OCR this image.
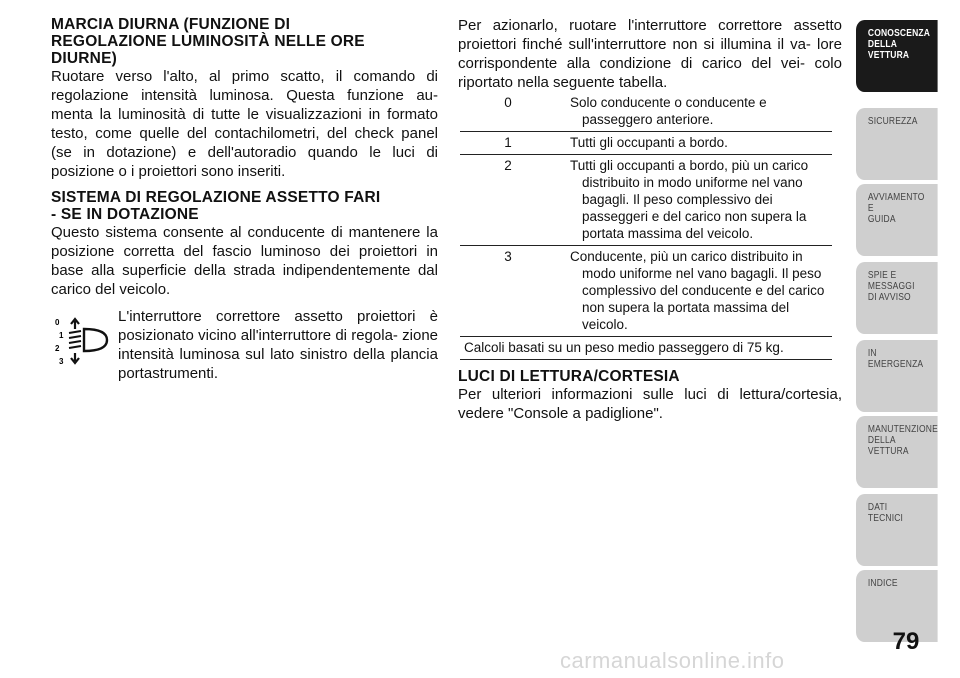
MARCIA DIURNA (FUNZIONE DI
REGOLAZIONE LUMINOSITÀ NELLE ORE
DIURNE)

Ruotare verso l'alto, al primo scatto, il comando di regolazione intensità luminosa. Questa funzione au- menta la luminosità di tutte le visualizzazioni in formato testo, come quelle del contachilometri, del check panel (se in dotazione) e dell'autoradio quando le luci di posizione o i proiettori sono inseriti.

SISTEMA DI REGOLAZIONE ASSETTO FARI
- SE IN DOTAZIONE

Questo sistema consente al conducente di mantenere la posizione corretta del fascio luminoso dei proiettori in base alla superficie della strada indipendentemente dal carico del veicolo.

0
1
2
3

L'interruttore correttore assetto proiettori è posizionato vicino all'interruttore di regola- zione intensità luminosa sul lato sinistro della plancia portastrumenti.

Per azionarlo, ruotare l'interruttore correttore assetto proiettori finché sull'interruttore non si illumina il va- lore corrispondente alla condizione di carico del vei- colo riportato nella seguente tabella.

0	Solo conducente o conducente e passeggero anteriore.

1	Tutti gli occupanti a bordo.

2	Tutti gli occupanti a bordo, più un carico distribuito in modo uniforme nel vano bagagli. Il peso complessivo dei passeggeri e del carico non supera la portata massima del veicolo.

3	Conducente, più un carico distribuito in modo uniforme nel vano bagagli. Il peso complessivo del conducente e del carico non supera la portata massima del veicolo.

Calcoli basati su un peso medio passeggero di 75 kg.	
LUCI DI LETTURA/CORTESIA

Per ulteriori informazioni sulle luci di lettura/cortesia, vedere "Console a padiglione".

CONOSCENZA
DELLA
VETTURA
SICUREZZA
AVVIAMENTO
E
GUIDA
SPIE E
MESSAGGI
DI AVVISO
IN
EMERGENZA
MANUTENZIONE
DELLA
VETTURA
DATI
TECNICI
INDICE
79
carmanualsonline.info
